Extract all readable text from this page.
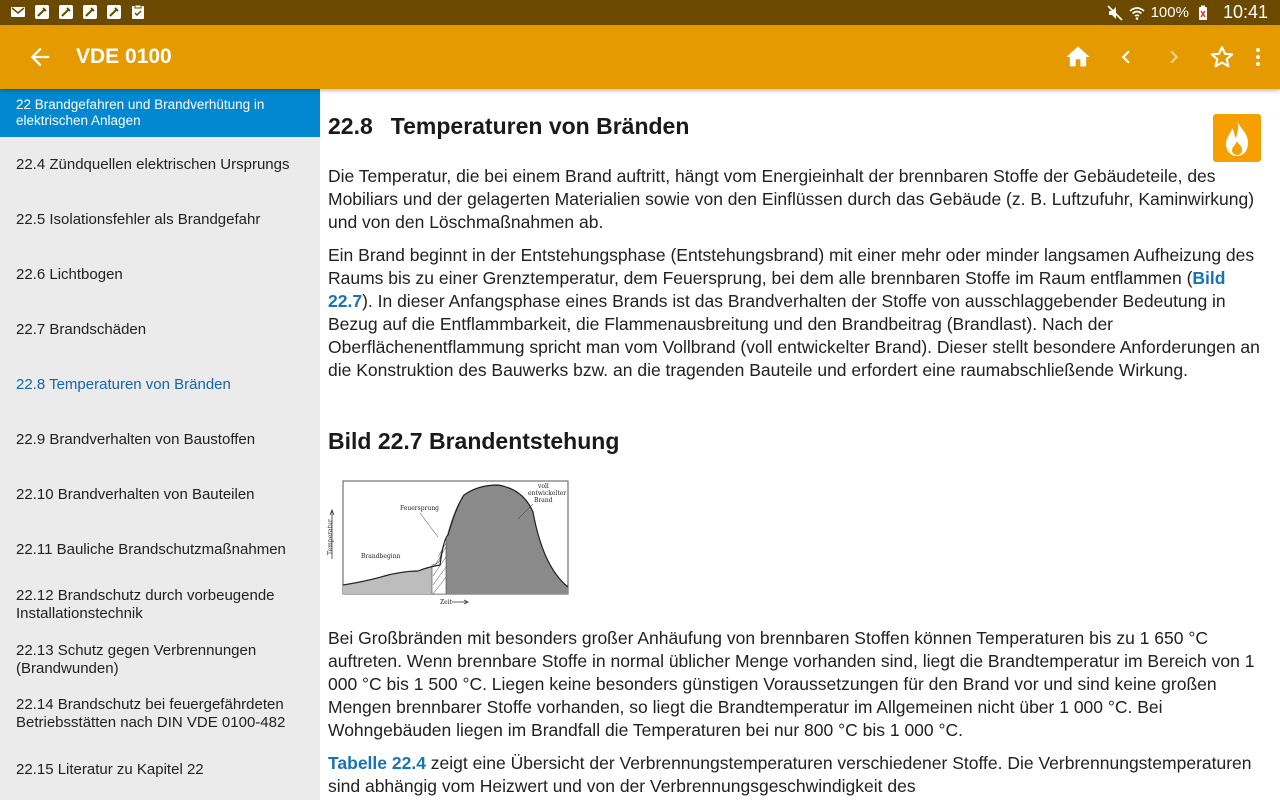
100% 10:41
VDE 0100
22 Brandgefahren und Brandverhütung in elektrischen Anlagen
22.4 Zündquellen elektrischen Ursprungs
22.5 Isolationsfehler als Brandgefahr
22.6 Lichtbogen
22.7 Brandschäden
22.8 Temperaturen von Bränden
22.9 Brandverhalten von Baustoffen
22.10 Brandverhalten von Bauteilen
22.11 Bauliche Brandschutzmaßnahmen
22.12 Brandschutz durch vorbeugende Installationstechnik
22.13 Schutz gegen Verbrennungen (Brandwunden)
22.14 Brandschutz bei feuergefährdeten Betriebsstätten nach DIN VDE 0100-482
22.15 Literatur zu Kapitel 22
22.8 Temperaturen von Bränden

Die Temperatur, die bei einem Brand auftritt, hängt vom Energieinhalt der brennbaren Stoffe der Gebäudeteile, des Mobiliars und der gelagerten Materialien sowie von den Einflüssen durch das Gebäude (z. B. Luftzufuhr, Kaminwirkung) und von den Löschmaßnahmen ab.

Ein Brand beginnt in der Entstehungsphase (Entstehungsbrand) mit einer mehr oder minder langsamen Aufheizung des Raums bis zu einer Grenztemperatur, dem Feuersprung, bei dem alle brennbaren Stoffe im Raum entflammen (Bild 22.7). In dieser Anfangsphase eines Brands ist das Brandverhalten der Stoffe von ausschlaggebender Bedeutung in Bezug auf die Entflammbarkeit, die Flammenausbreitung und den Brandbeitrag (Brandlast). Nach der Oberflächenentflammung spricht man vom Vollbrand (voll entwickelter Brand). Dieser stellt besondere Anforderungen an die Konstruktion des Bauwerks bzw. an die tragenden Bauteile und erfordert eine raumabschließende Wirkung.

Bild 22.7 Brandentstehung
Temperatur
Zeit
Brandbeginn
Feuersprung
voll
entwickelter
Brand

Bei Großbränden mit besonders großer Anhäufung von brennbaren Stoffen können Temperaturen bis zu 1 650 °C auftreten. Wenn brennbare Stoffe in normal üblicher Menge vorhanden sind, liegt die Brandtemperatur im Bereich von 1 000 °C bis 1 500 °C. Liegen keine besonders günstigen Voraussetzungen für den Brand vor und sind keine großen Mengen brennbarer Stoffe vorhanden, so liegt die Brandtemperatur im Allgemeinen nicht über 1 000 °C. Bei Wohngebäuden liegen im Brandfall die Temperaturen bei nur 800 °C bis 1 000 °C.

Tabelle 22.4 zeigt eine Übersicht der Verbrennungstemperaturen verschiedener Stoffe. Die Verbrennungstemperaturen sind abhängig vom Heizwert und von der Verbrennungsgeschwindigkeit des
